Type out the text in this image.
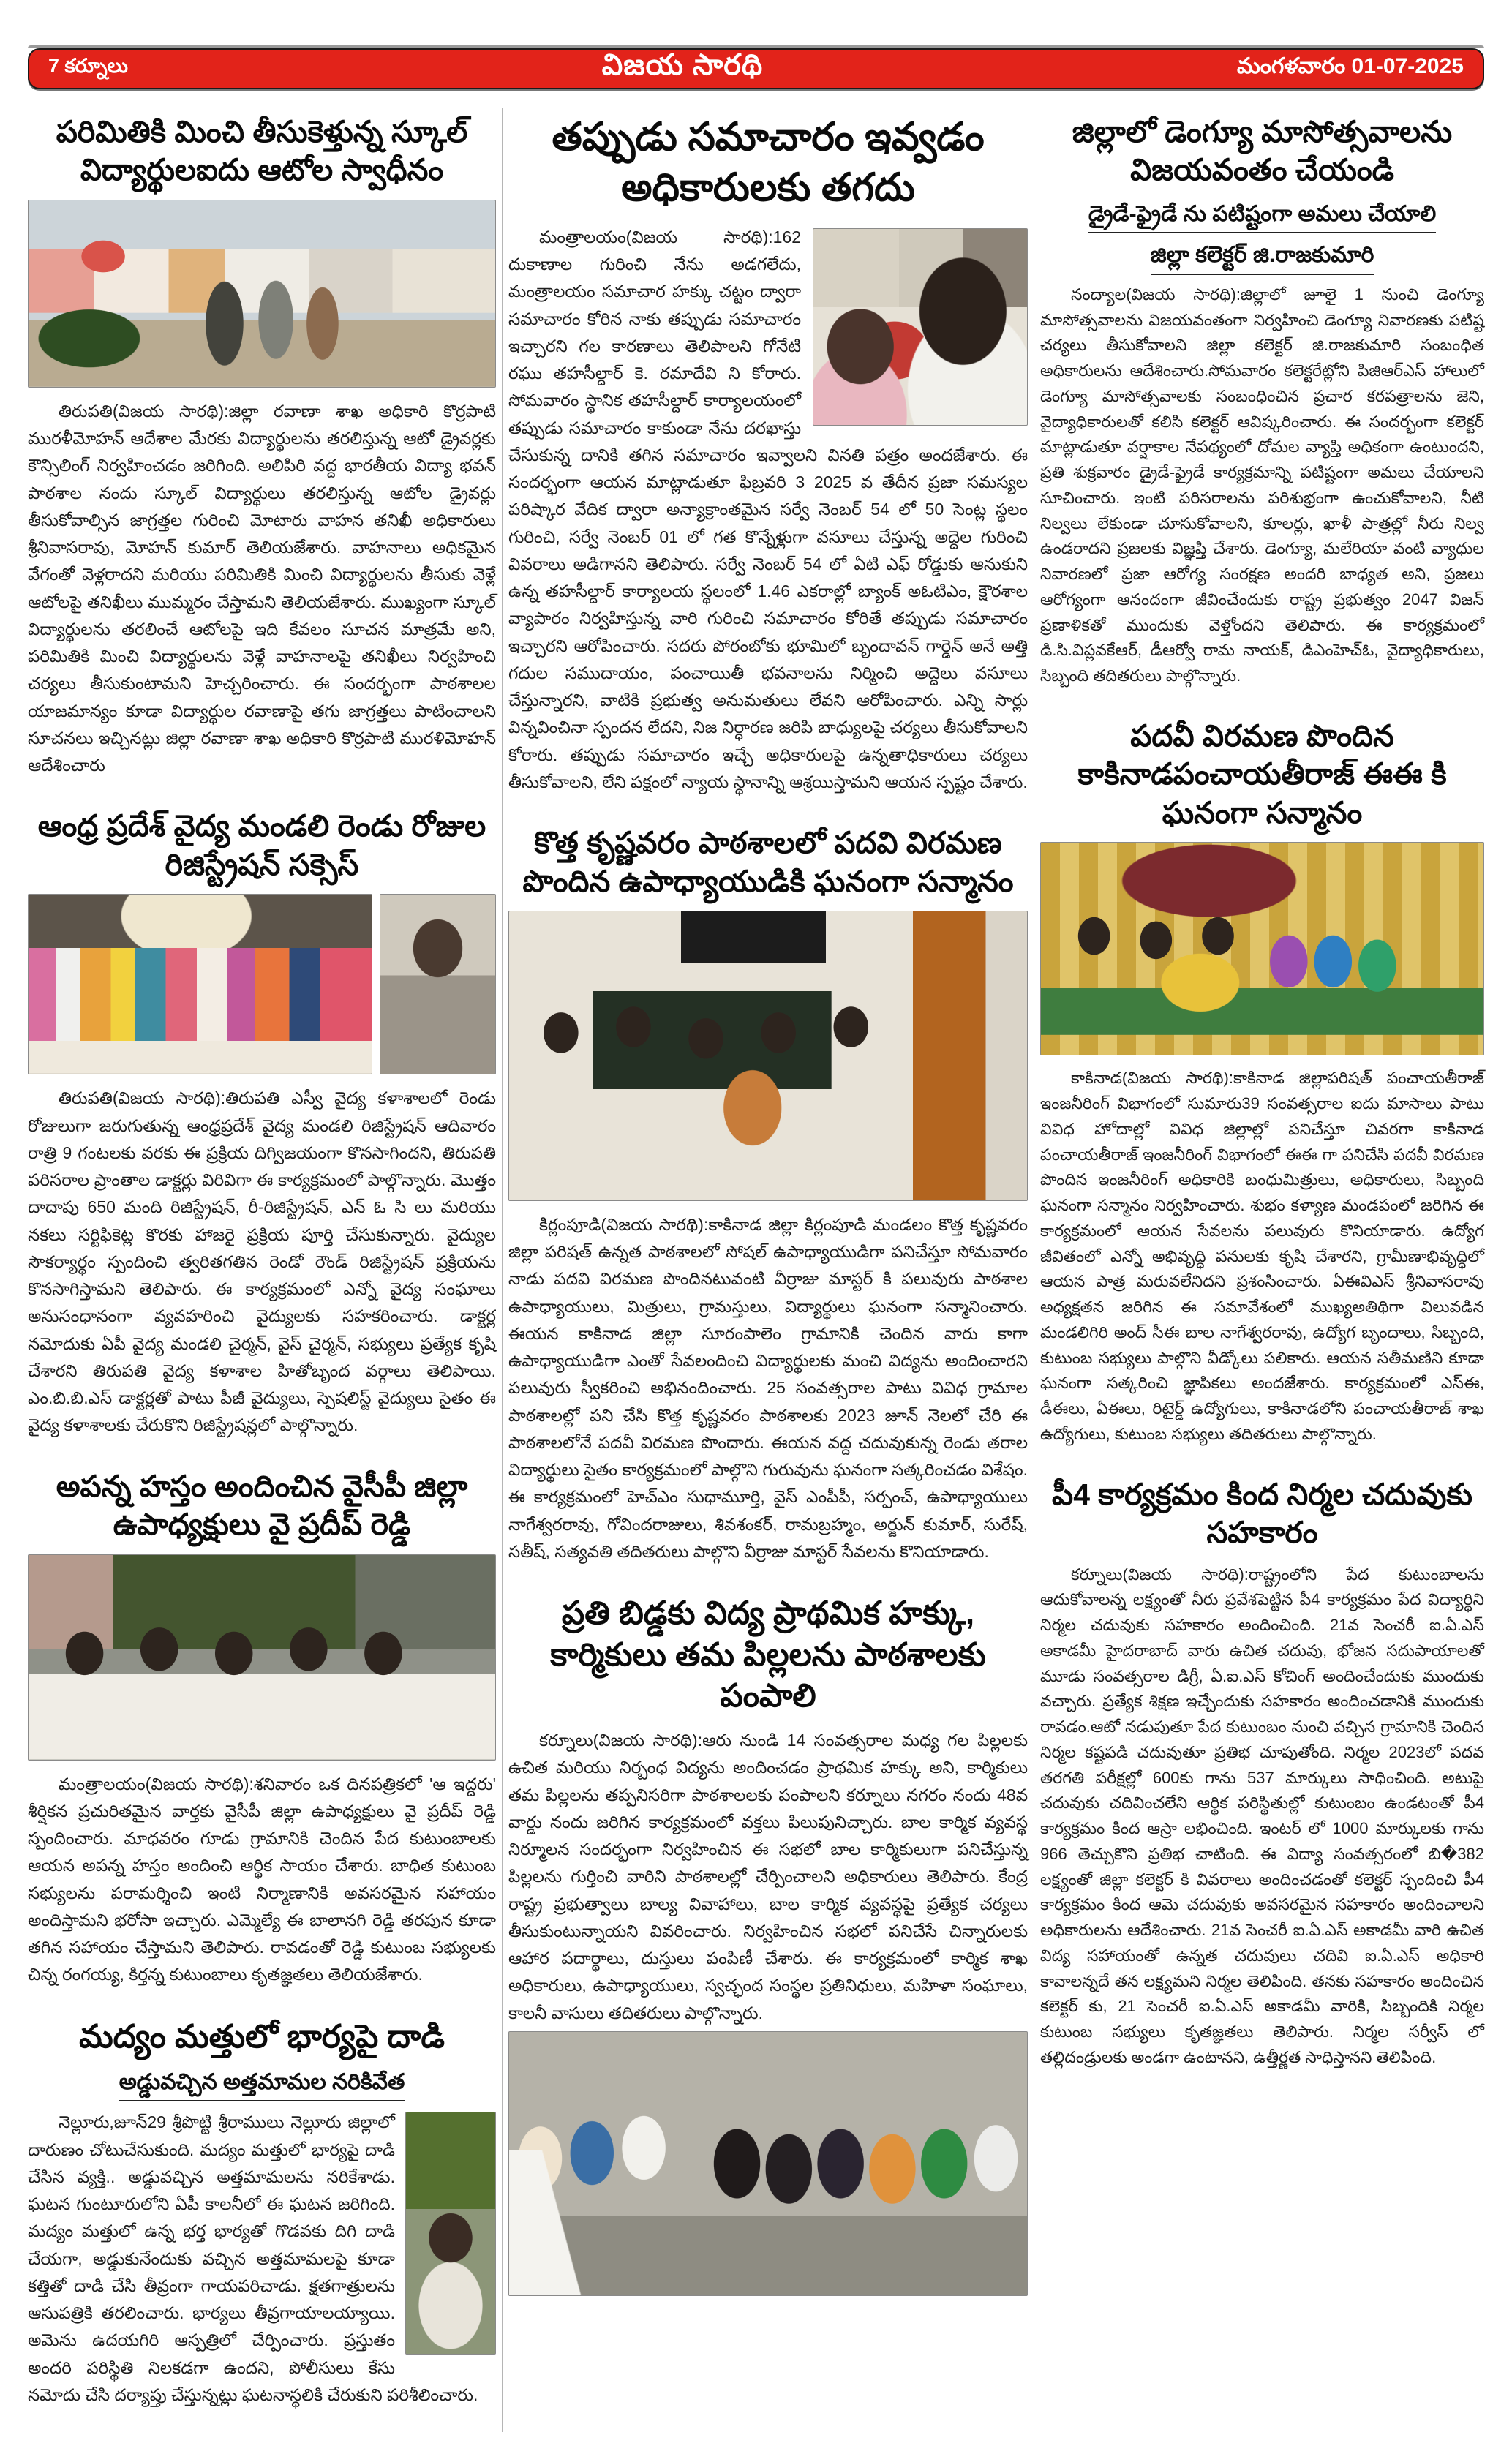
7 కర్నూలు	విజయ సారథి	మంగళవారం 01-07-2025
పరిమితికి మించి తీసుకెళ్తున్న స్కూల్ విద్యార్థులఐదు ఆటోల స్వాధీనం

తిరుపతి(విజయ సారథి):జిల్లా రవాణా శాఖ అధికారి కొర్రపాటి మురళీమోహన్ ఆదేశాల మేరకు విద్యార్థులను తరలిస్తున్న ఆటో డ్రైవర్లకు కౌన్సిలింగ్ నిర్వహించడం జరిగింది. అలిపిరి వద్ద భారతీయ విద్యా భవన్ పాఠశాల నందు స్కూల్ విద్యార్థులు తరలిస్తున్న ఆటోల డ్రైవర్లు తీసుకోవాల్సిన జాగ్రత్తల గురించి మోటారు వాహన తనిఖీ అధికారులు శ్రీనివాసరావు, మోహన్ కుమార్ తెలియజేశారు. వాహనాలు అధికమైన వేగంతో వెళ్లరాదని మరియు పరిమితికి మించి విద్యార్థులను తీసుకు వెళ్లే ఆటోలపై తనిఖీలు ముమ్మరం చేస్తామని తెలియజేశారు. ముఖ్యంగా స్కూల్ విద్యార్థులను తరలించే ఆటోలపై ఇది కేవలం సూచన మాత్రమే అని, పరిమితికి మించి విద్యార్థులను వెళ్లే వాహనాలపై తనిఖీలు నిర్వహించి చర్యలు తీసుకుంటామని హెచ్చరించారు. ఈ సందర్భంగా పాఠశాలల యాజమాన్యం కూడా విద్యార్థుల రవాణాపై తగు జాగ్రత్తలు పాటించాలని సూచనలు ఇచ్చినట్లు జిల్లా రవాణా శాఖ అధికారి కొర్రపాటి మురళిమోహన్ ఆదేశించారు

ఆంధ్ర ప్రదేశ్ వైద్య మండలి రెండు రోజుల రిజిస్ట్రేషన్ సక్సెస్

తిరుపతి(విజయ సారథి):తిరుపతి ఎస్వీ వైద్య కళాశాలలో రెండు రోజులుగా జరుగుతున్న ఆంధ్రప్రదేశ్ వైద్య మండలి రిజిస్ట్రేషన్ ఆదివారం రాత్రి 9 గంటలకు వరకు ఈ ప్రక్రియ దిగ్విజయంగా కొనసాగిందని, తిరుపతి పరిసరాల ప్రాంతాల డాక్టర్లు విరివిగా ఈ కార్యక్రమంలో పాల్గొన్నారు. మొత్తం దాదాపు 650 మంది రిజిస్ట్రేషన్, రీ-రిజిస్ట్రేషన్, ఎన్ ఓ సి లు మరియు నకలు సర్టిఫికెట్ల కొరకు హాజరై ప్రక్రియ పూర్తి చేసుకున్నారు. వైద్యుల సౌకర్యార్థం స్పందించి త్వరితగతిన రెండో రౌండ్ రిజిస్ట్రేషన్ ప్రక్రియను కొనసాగిస్తామని తెలిపారు. ఈ కార్యక్రమంలో ఎన్నో వైద్య సంఘాలు అనుసంధానంగా వ్యవహరించి వైద్యులకు సహకరించారు. డాక్టర్ల నమోదుకు ఏపీ వైద్య మండలి చైర్మన్, వైస్ చైర్మన్, సభ్యులు ప్రత్యేక కృషి చేశారని తిరుపతి వైద్య కళాశాల హితోబృంద వర్గాలు తెలిపాయి. ఎం.బి.బి.ఎస్ డాక్టర్లతో పాటు పీజీ వైద్యులు, స్పెషలిస్ట్ వైద్యులు సైతం ఈ వైద్య కళాశాలకు చేరుకొని రిజిస్ట్రేషన్లలో పాల్గొన్నారు.

అపన్న హస్తం అందించిన వైసీపీ జిల్లా ఉపాధ్యక్షులు వై ప్రదీప్ రెడ్డి

మంత్రాలయం(విజయ సారథి):శనివారం ఒక దినపత్రికలో 'ఆ ఇద్దరు' శీర్షికన ప్రచురితమైన వార్తకు వైసీపీ జిల్లా ఉపాధ్యక్షులు వై ప్రదీప్ రెడ్డి స్పందించారు. మాధవరం గూడు గ్రామానికి చెందిన పేద కుటుంబాలకు ఆయన అపన్న హస్తం అందించి ఆర్థిక సాయం చేశారు. బాధిత కుటుంబ సభ్యులను పరామర్శించి ఇంటి నిర్మాణానికి అవసరమైన సహాయం అందిస్తామని భరోసా ఇచ్చారు. ఎమ్మెల్యే ఈ బాలానగి రెడ్డి తరపున కూడా తగిన సహాయం చేస్తామని తెలిపారు. రావడంతో రెడ్డి కుటుంబ సభ్యులకు చిన్న రంగయ్య, కిర్తన్న కుటుంబాలు కృతజ్ఞతలు తెలియజేశారు.

మద్యం మత్తులో భార్యపై దాడి
అడ్డువచ్చిన అత్తమామల నరికివేత

నెల్లూరు,జూన్29 శ్రీపొట్టి శ్రీరాములు నెల్లూరు జిల్లాలో దారుణం చోటుచేసుకుంది. మద్యం మత్తులో భార్యపై దాడి చేసిన వ్యక్తి.. అడ్డువచ్చిన అత్తమామలను నరికేశాడు. ఘటన గుంటూరులోని ఏపీ కాలనీలో ఈ ఘటన జరిగింది. మద్యం మత్తులో ఉన్న భర్త భార్యతో గొడవకు దిగి దాడి చేయగా, అడ్డుకునేందుకు వచ్చిన అత్తమామలపై కూడా కత్తితో దాడి చేసి తీవ్రంగా గాయపరిచాడు. క్షతగాత్రులను ఆసుపత్రికి తరలించారు. భార్యలు తీవ్రగాయాలయ్యాయి. అమెను ఉదయగిరి ఆస్పత్రిలో చేర్పించారు. ప్రస్తుతం అందరి పరిస్థితి నిలకడగా ఉందని, పోలీసులు కేసు నమోదు చేసి దర్యాప్తు చేస్తున్నట్లు ఘటనాస్థలికి చేరుకుని పరిశీలించారు.

తప్పుడు సమాచారం ఇవ్వడం అధికారులకు తగదు

మంత్రాలయం(విజయ సారథి):162 దుకాణాల గురించి నేను అడగలేదు, మంత్రాలయం సమాచార హక్కు చట్టం ద్వారా సమాచారం కోరిన నాకు తప్పుడు సమాచారం ఇచ్చారని గల కారణాలు తెలిపాలని గోనేటి రఘు తహసీల్దార్ కె. రమాదేవి ని కోరారు. సోమవారం స్థానిక తహసీల్దార్ కార్యాలయంలో తప్పుడు సమాచారం కాకుండా నేను దరఖాస్తు చేసుకున్న దానికి తగిన సమాచారం ఇవ్వాలని వినతి పత్రం అందజేశారు. ఈ సందర్భంగా ఆయన మాట్లాడుతూ ఫిబ్రవరి 3 2025 వ తేదీన ప్రజా సమస్యల పరిష్కార వేదిక ద్వారా అన్యాక్రాంతమైన సర్వే నెంబర్ 54 లో 50 సెంట్ల స్థలం గురించి, సర్వే నెంబర్ 01 లో గత కొన్నేళ్లుగా వసూలు చేస్తున్న అద్దెల గురించి వివరాలు అడిగానని తెలిపారు. సర్వే నెంబర్ 54 లో ఏటి ఎఫ్ రోడ్డుకు ఆనుకుని ఉన్న తహసీల్దార్ కార్యాలయ స్థలంలో 1.46 ఎకరాల్లో బ్యాంక్ అఓటిఎం, క్షౌరశాల వ్యాపారం నిర్వహిస్తున్న వారి గురించి సమాచారం కోరితే తప్పుడు సమాచారం ఇచ్చారని ఆరోపించారు. సదరు పోరంబోకు భూమిలో బృందావన్ గార్డెన్ అనే అత్తి గదుల సముదాయం, పంచాయితీ భవనాలను నిర్మించి అద్దెలు వసూలు చేస్తున్నారని, వాటికి ప్రభుత్వ అనుమతులు లేవని ఆరోపించారు. ఎన్ని సార్లు విన్నవించినా స్పందన లేదని, నిజ నిర్ధారణ జరిపి బాధ్యులపై చర్యలు తీసుకోవాలని కోరారు. తప్పుడు సమాచారం ఇచ్చే అధికారులపై ఉన్నతాధికారులు చర్యలు తీసుకోవాలని, లేని పక్షంలో న్యాయ స్థానాన్ని ఆశ్రయిస్తామని ఆయన స్పష్టం చేశారు.

కొత్త కృష్ణవరం పాఠశాలలో పదవి విరమణ పొందిన ఉపాధ్యాయుడికి ఘనంగా సన్మానం

కిర్లంపూడి(విజయ సారథి):కాకినాడ జిల్లా కిర్లంపూడి మండలం కొత్త కృష్ణవరం జిల్లా పరిషత్ ఉన్నత పాఠశాలలో సోషల్ ఉపాధ్యాయుడిగా పనిచేస్తూ సోమవారం నాడు పదవి విరమణ పొందినటువంటి వీర్రాజు మాస్టర్ కి పలువురు పాఠశాల ఉపాధ్యాయులు, మిత్రులు, గ్రామస్తులు, విద్యార్థులు ఘనంగా సన్మానించారు. ఈయన కాకినాడ జిల్లా సూరంపాలెం గ్రామానికి చెందిన వారు కాగా ఉపాధ్యాయుడిగా ఎంతో సేవలందించి విద్యార్థులకు మంచి విద్యను అందించారని పలువురు స్వీకరించి అభినందించారు. 25 సంవత్సరాల పాటు వివిధ గ్రామాల పాఠశాలల్లో పని చేసి కొత్త కృష్ణవరం పాఠశాలకు 2023 జూన్ నెలలో చేరి ఈ పాఠశాలలోనే పదవీ విరమణ పొందారు. ఈయన వద్ద చదువుకున్న రెండు తరాల విద్యార్థులు సైతం కార్యక్రమంలో పాల్గొని గురువును ఘనంగా సత్కరించడం విశేషం. ఈ కార్యక్రమంలో హెచ్ఎం సుధామూర్తి, వైస్ ఎంపీపీ, సర్పంచ్, ఉపాధ్యాయులు నాగేశ్వరరావు, గోవిందరాజులు, శివశంకర్, రామబ్రహ్మం, అర్జున్ కుమార్, సురేష్, సతీష్, సత్యవతి తదితరులు పాల్గొని వీర్రాజు మాస్టర్ సేవలను కొనియాడారు.

ప్రతి బిడ్డకు విద్య ప్రాథమిక హక్కు, కార్మికులు తమ పిల్లలను పాఠశాలకు పంపాలి

కర్నూలు(విజయ సారథి):ఆరు నుండి 14 సంవత్సరాల మధ్య గల పిల్లలకు ఉచిత మరియు నిర్బంధ విద్యను అందించడం ప్రాథమిక హక్కు అని, కార్మికులు తమ పిల్లలను తప్పనిసరిగా పాఠశాలలకు పంపాలని కర్నూలు నగరం నందు 48వ వార్డు నందు జరిగిన కార్యక్రమంలో వక్తలు పిలుపునిచ్చారు. బాల కార్మిక వ్యవస్థ నిర్మూలన సందర్భంగా నిర్వహించిన ఈ సభలో బాల కార్మికులుగా పనిచేస్తున్న పిల్లలను గుర్తించి వారిని పాఠశాలల్లో చేర్పించాలని అధికారులు తెలిపారు. కేంద్ర రాష్ట్ర ప్రభుత్వాలు బాల్య వివాహాలు, బాల కార్మిక వ్యవస్థపై ప్రత్యేక చర్యలు తీసుకుంటున్నాయని వివరించారు. నిర్వహించిన సభలో పనిచేసే చిన్నారులకు ఆహార పదార్థాలు, దుస్తులు పంపిణీ చేశారు. ఈ కార్యక్రమంలో కార్మిక శాఖ అధికారులు, ఉపాధ్యాయులు, స్వచ్ఛంద సంస్థల ప్రతినిధులు, మహిళా సంఘాలు, కాలనీ వాసులు తదితరులు పాల్గొన్నారు.

జిల్లాలో డెంగ్యూ మాసోత్సవాలను విజయవంతం చేయండి
డ్రైడే-ఫ్రైడే ను పటిష్టంగా అమలు చేయాలి
జిల్లా కలెక్టర్ జి.రాజకుమారి

నంద్యాల(విజయ సారథి):జిల్లాలో జూలై 1 నుంచి డెంగ్యూ మాసోత్సవాలను విజయవంతంగా నిర్వహించి డెంగ్యూ నివారణకు పటిష్ట చర్యలు తీసుకోవాలని జిల్లా కలెక్టర్ జి.రాజకుమారి సంబంధిత అధికారులను ఆదేశించారు.సోమవారం కలెక్టరేట్లోని పిజిఆర్ఎస్ హాలులో డెంగ్యూ మాసోత్సవాలకు సంబంధించిన ప్రచార కరపత్రాలను జెని, వైద్యాధికారులతో కలిసి కలెక్టర్ ఆవిష్కరించారు. ఈ సందర్భంగా కలెక్టర్ మాట్లాడుతూ వర్షాకాల నేపథ్యంలో దోమల వ్యాప్తి అధికంగా ఉంటుందని, ప్రతి శుక్రవారం డ్రైడే-ఫ్రైడే కార్యక్రమాన్ని పటిష్టంగా అమలు చేయాలని సూచించారు. ఇంటి పరిసరాలను పరిశుభ్రంగా ఉంచుకోవాలని, నీటి నిల్వలు లేకుండా చూసుకోవాలని, కూలర్లు, ఖాళీ పాత్రల్లో నీరు నిల్వ ఉండరాదని ప్రజలకు విజ్ఞప్తి చేశారు. డెంగ్యూ, మలేరియా వంటి వ్యాధుల నివారణలో ప్రజా ఆరోగ్య సంరక్షణ అందరి బాధ్యత అని, ప్రజలు ఆరోగ్యంగా ఆనందంగా జీవించేందుకు రాష్ట్ర ప్రభుత్వం 2047 విజన్ ప్రణాళికతో ముందుకు వెళ్తోందని తెలిపారు. ఈ కార్యక్రమంలో డి.సి.విప్లవకేఆర్, డీఆర్వో రామ నాయక్, డిఎంహెచ్ఓ, వైద్యాధికారులు, సిబ్బంది తదితరులు పాల్గొన్నారు.

పదవీ విరమణ పొందిన కాకినాడపంచాయతీరాజ్ ఈఈ కి ఘనంగా సన్మానం

కాకినాడ(విజయ సారథి):కాకినాడ జిల్లాపరిషత్ పంచాయతీరాజ్ ఇంజనీరింగ్ విభాగంలో సుమారు39 సంవత్సరాల ఐదు మాసాలు పాటు వివిధ హోదాల్లో వివిధ జిల్లాల్లో పనిచేస్తూ చివరగా కాకినాడ పంచాయతీరాజ్ ఇంజనీరింగ్ విభాగంలో ఈఈ గా పనిచేసి పదవీ విరమణ పొందిన ఇంజనీరింగ్ అధికారికి బంధుమిత్రులు, అధికారులు, సిబ్బంది ఘనంగా సన్మానం నిర్వహించారు. శుభం కళ్యాణ మండపంలో జరిగిన ఈ కార్యక్రమంలో ఆయన సేవలను పలువురు కొనియాడారు. ఉద్యోగ జీవితంలో ఎన్నో అభివృద్ధి పనులకు కృషి చేశారని, గ్రామీణాభివృద్ధిలో ఆయన పాత్ర మరువలేనిదని ప్రశంసించారు. ఏఈవిఎస్ శ్రీనివాసరావు అధ్యక్షతన జరిగిన ఈ సమావేశంలో ముఖ్యఅతిథిగా విలువడిన మండలిగిరి అంద్ సీఈ బాల నాగేశ్వరరావు, ఉద్యోగ బృందాలు, సిబ్బంది, కుటుంబ సభ్యులు పాల్గొని వీడ్కోలు పలికారు. ఆయన సతీమణిని కూడా ఘనంగా సత్కరించి జ్ఞాపికలు అందజేశారు. కార్యక్రమంలో ఎస్ఈ, డీఈలు, ఏఈలు, రిటైర్డ్ ఉద్యోగులు, కాకినాడలోని పంచాయతీరాజ్ శాఖ ఉద్యోగులు, కుటుంబ సభ్యులు తదితరులు పాల్గొన్నారు.

పీ4 కార్యక్రమం కింద నిర్మల చదువుకు సహకారం

కర్నూలు(విజయ సారథి):రాష్ట్రంలోని పేద కుటుంబాలను ఆదుకోవాలన్న లక్ష్యంతో నీరు ప్రవేశపెట్టిన పీ4 కార్యక్రమం పేద విద్యార్థిని నిర్మల చదువుకు సహకారం అందించింది. 21వ సెంచరీ ఐ.ఏ.ఎస్ అకాడమీ హైదరాబాద్ వారు ఉచిత చదువు, భోజన సదుపాయాలతో మూడు సంవత్సరాల డిగ్రీ, ఏ.ఐ.ఎస్ కోచింగ్ అందించేందుకు ముందుకు వచ్చారు. ప్రత్యేక శిక్షణ ఇచ్చేందుకు సహకారం అందించడానికి ముందుకు రావడం.ఆటో నడుపుతూ పేద కుటుంబం నుంచి వచ్చిన గ్రామానికి చెందిన నిర్మల కష్టపడి చదువుతూ ప్రతిభ చూపుతోంది. నిర్మల 2023లో పదవ తరగతి పరీక్షల్లో 600కు గాను 537 మార్కులు సాధించింది. అటుపై చదువుకు చదివించలేని ఆర్థిక పరిస్థితుల్లో కుటుంబం ఉండటంతో పీ4 కార్యక్రమం కింద ఆస్రా లభించింది. ఇంటర్ లో 1000 మార్కులకు గాను 966 తెచ్చుకొని ప్రతిభ చాటింది. ఈ విద్యా సంవత్సరంలో బి�382 లక్ష్యంతో జిల్లా కలెక్టర్ కి వివరాలు అందించడంతో కలెక్టర్ స్పందించి పీ4 కార్యక్రమం కింద ఆమె చదువుకు అవసరమైన సహకారం అందించాలని అధికారులను ఆదేశించారు. 21వ సెంచరీ ఐ.ఏ.ఎస్ అకాడమీ వారి ఉచిత విద్య సహాయంతో ఉన్నత చదువులు చదివి ఐ.ఏ.ఎస్ అధికారి కావాలన్నదే తన లక్ష్యమని నిర్మల తెలిపింది. తనకు సహకారం అందించిన కలెక్టర్ కు, 21 సెంచరీ ఐ.ఏ.ఎస్ అకాడమీ వారికి, సిబ్బందికి నిర్మల కుటుంబ సభ్యులు కృతజ్ఞతలు తెలిపారు. నిర్మల సర్వీస్ లో తల్లిదండ్రులకు అండగా ఉంటానని, ఉత్తీర్ణత సాధిస్తానని తెలిపింది.
